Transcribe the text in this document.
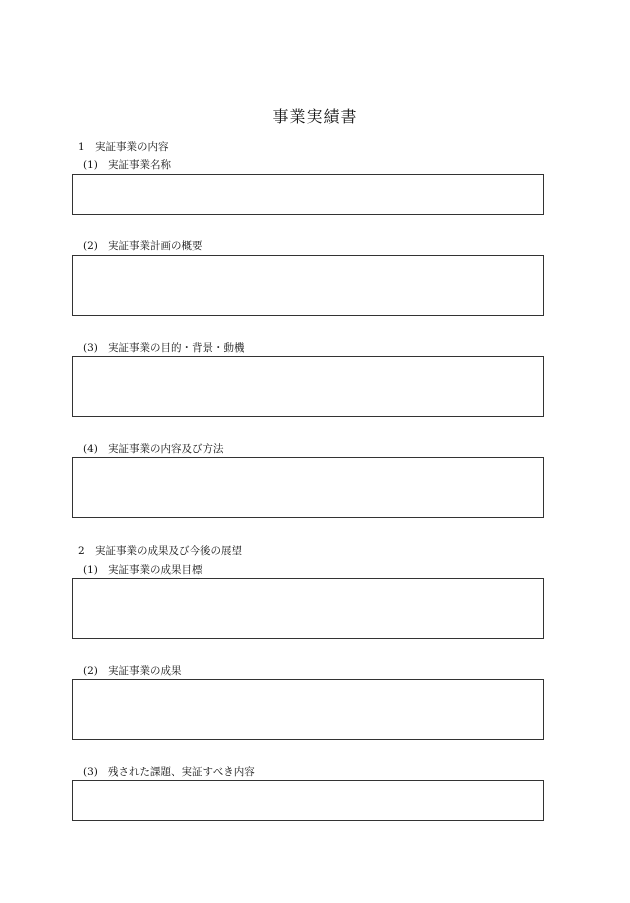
事業実績書
1 実証事業の内容
(1) 実証事業名称
(2) 実証事業計画の概要
(3) 実証事業の目的・背景・動機
(4) 実証事業の内容及び方法
2 実証事業の成果及び今後の展望
(1) 実証事業の成果目標
(2) 実証事業の成果
(3) 残された課題、実証すべき内容
